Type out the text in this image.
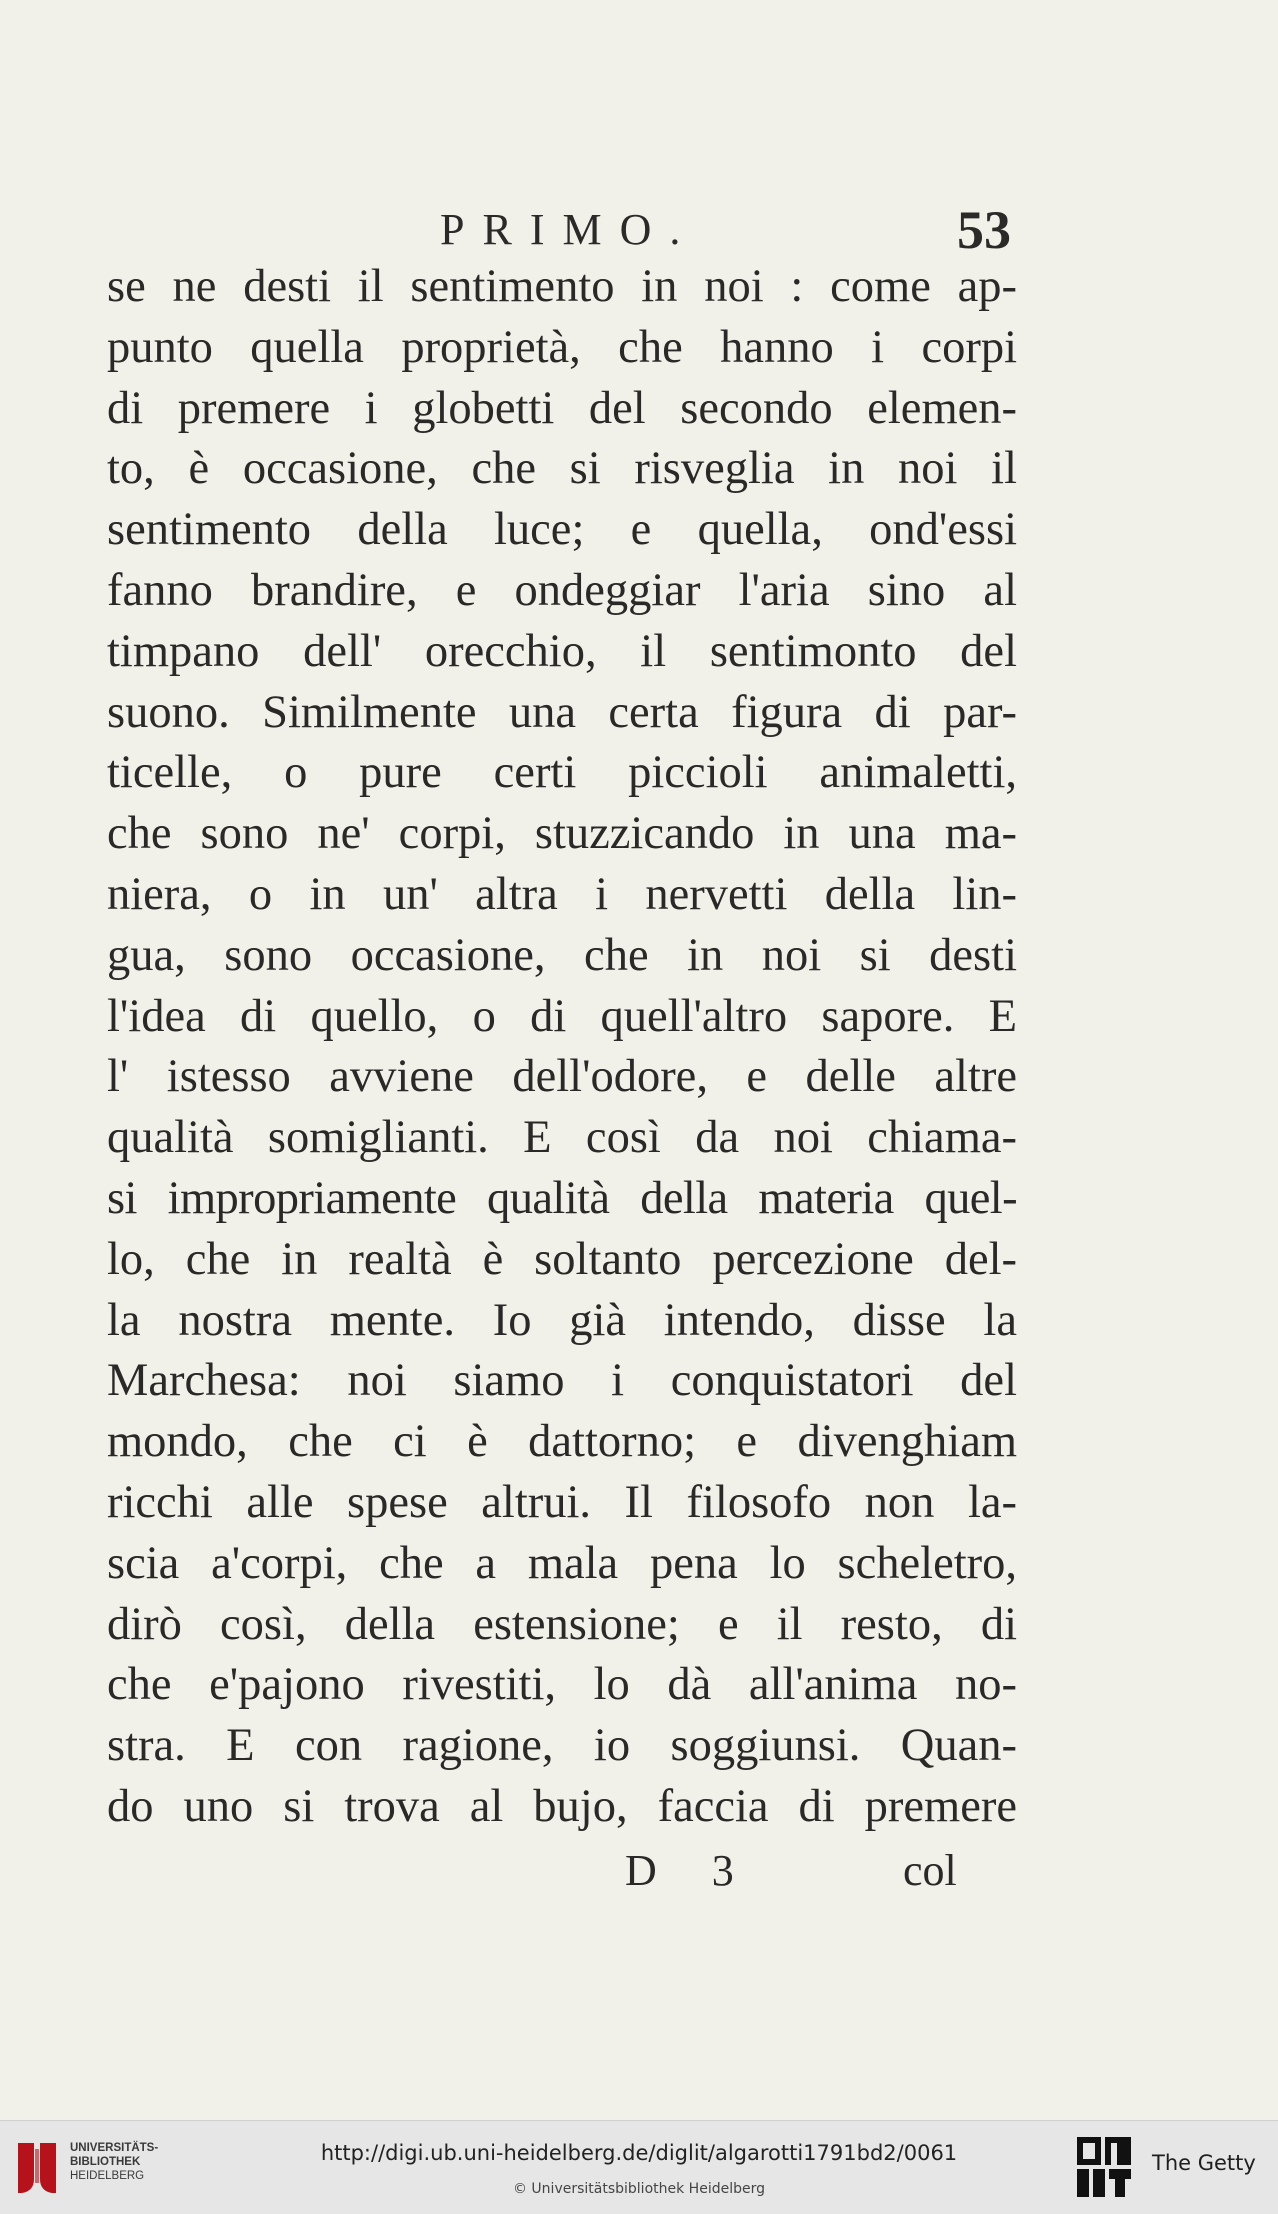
PRIMO.	53
se ne desti il sentimento in noi : come ap-
punto quella proprietà, che hanno i corpi
di premere i globetti del secondo elemen-
to, è occasione, che si risveglia in noi il
sentimento della luce; e quella, ond'essi
fanno brandire, e ondeggiar l'aria sino al
timpano dell' orecchio, il sentimonto del
suono. Similmente una certa figura di par-
ticelle, o pure certi piccioli animaletti,
che sono ne' corpi, stuzzicando in una ma-
niera, o in un' altra i nervetti della lin-
gua, sono occasione, che in noi si desti
l'idea di quello, o di quell'altro sapore. E
l' istesso avviene dell'odore, e delle altre
qualità somiglianti. E così da noi chiama-
si impropriamente qualità della materia quel-
lo, che in realtà è soltanto percezione del-
la nostra mente. Io già intendo, disse la
Marchesa: noi siamo i conquistatori del
mondo, che ci è dattorno; e divenghiam
ricchi alle spese altrui. Il filosofo non la-
scia a'corpi, che a mala pena lo scheletro,
dirò così, della estensione; e il resto, di
che e'pajono rivestiti, lo dà all'anima no-
stra. E con ragione, io soggiunsi. Quan-
do uno si trova al bujo, faccia di premere
D 3	col
UNIVERSITÄTS-
BIBLIOTHEK
HEIDELBERG
http://digi.ub.uni-heidelberg.de/diglit/algarotti1791bd2/0061
© Universitätsbibliothek Heidelberg
The Getty
